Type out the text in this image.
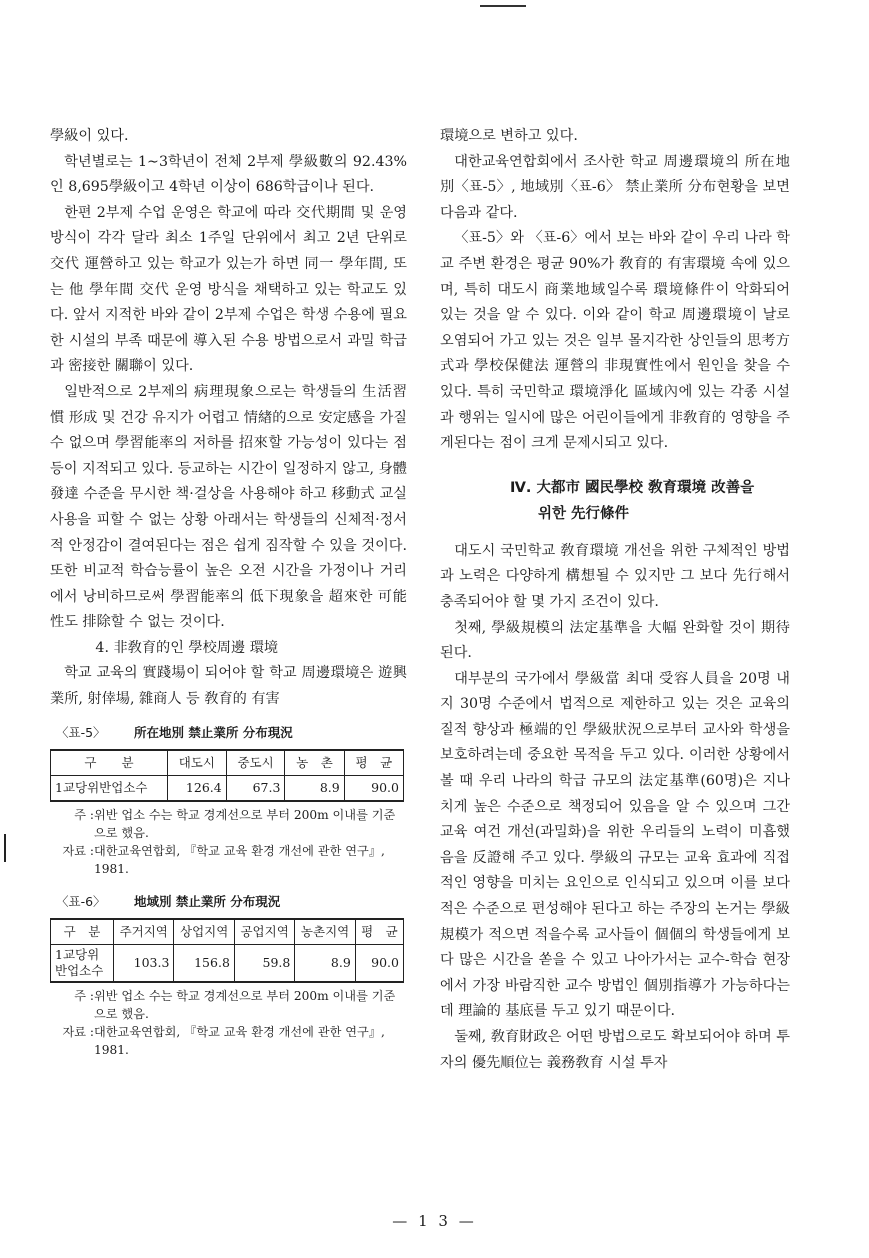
學級이 있다.

학년별로는 1∼3학년이 전체 2부제 學級數의 92.43%인 8,695學級이고 4학년 이상이 686학급이나 된다.

한편 2부제 수업 운영은 학교에 따라 交代期間 및 운영 방식이 각각 달라 최소 1주일 단위에서 최고 2년 단위로 交代 運營하고 있는 학교가 있는가 하면 同一 學年間, 또는 他 學年間 交代 운영 방식을 채택하고 있는 학교도 있다. 앞서 지적한 바와 같이 2부제 수업은 학생 수용에 필요한 시설의 부족 때문에 導入된 수용 방법으로서 과밀 학급과 密接한 關聯이 있다.

일반적으로 2부제의 病理現象으로는 학생들의 生活習慣 形成 및 건강 유지가 어렵고 情緖的으로 安定感을 가질 수 없으며 學習能率의 저하를 招來할 가능성이 있다는 점 등이 지적되고 있다. 등교하는 시간이 일정하지 않고, 身體發達 수준을 무시한 책·걸상을 사용해야 하고 移動式 교실 사용을 피할 수 없는 상황 아래서는 학생들의 신체적·정서적 안정감이 결여된다는 점은 쉽게 짐작할 수 있을 것이다. 또한 비교적 학습능률이 높은 오전 시간을 가정이나 거리에서 낭비하므로써 學習能率의 低下現象을 超來한 可能性도 排除할 수 없는 것이다.

4. 非敎育的인 學校周邊 環境

학교 교육의 實踐場이 되어야 할 학교 周邊環境은 遊興業所, 射倖場, 雜商人 등 敎育的 有害

〈표-5〉	所在地別 禁止業所 分布現況
구　　분	대도시	중도시	농　촌	평　균
1교당위반업소수	126.4	67.3	8.9	90.0
주 : 위반 업소 수는 학교 경계선으로 부터 200m 이내를 기준으로 했음.
자료 : 대한교육연합회, 『학교 교육 환경 개선에 관한 연구』, 1981.
〈표-6〉	地域別 禁止業所 分布現況
구　분	주거지역	상업지역	공업지역	농촌지역	평　균
1교당위반업소수	103.3	156.8	59.8	8.9	90.0
주 : 위반 업소 수는 학교 경계선으로 부터 200m 이내를 기준으로 했음.
자료 : 대한교육연합회, 『학교 교육 환경 개선에 관한 연구』, 1981.

環境으로 변하고 있다.

대한교육연합회에서 조사한 학교 周邊環境의 所在地別〈표-5〉, 地域別〈표-6〉 禁止業所 分布현황을 보면 다음과 같다.

〈표-5〉와 〈표-6〉에서 보는 바와 같이 우리 나라 학교 주변 환경은 평균 90%가 敎育的 有害環境 속에 있으며, 특히 대도시 商業地域일수록 環境條件이 악화되어 있는 것을 알 수 있다. 이와 같이 학교 周邊環境이 날로 오염되어 가고 있는 것은 일부 몰지각한 상인들의 思考方式과 學校保健法 運營의 非現實性에서 원인을 찾을 수 있다. 특히 국민학교 環境淨化 區域內에 있는 각종 시설과 행위는 일시에 많은 어린이들에게 非敎育的 영향을 주게된다는 점이 크게 문제시되고 있다.

Ⅳ. 大都市 國民學校 敎育環境 改善을
위한 先行條件

대도시 국민학교 敎育環境 개선을 위한 구체적인 방법과 노력은 다양하게 構想될 수 있지만 그 보다 先行해서 충족되어야 할 몇 가지 조건이 있다.

첫째, 學級規模의 法定基準을 大幅 완화할 것이 期待된다.

대부분의 국가에서 學級當 최대 受容人員을 20명 내지 30명 수준에서 법적으로 제한하고 있는 것은 교육의 질적 향상과 極端的인 學級狀況으로부터 교사와 학생을 보호하려는데 중요한 목적을 두고 있다. 이러한 상황에서 볼 때 우리 나라의 학급 규모의 法定基準(60명)은 지나치게 높은 수준으로 책정되어 있음을 알 수 있으며 그간 교육 여건 개선(과밀화)을 위한 우리들의 노력이 미흡했음을 反證해 주고 있다. 學級의 규모는 교육 효과에 직접적인 영향을 미치는 요인으로 인식되고 있으며 이를 보다 적은 수준으로 편성해야 된다고 하는 주장의 논거는 學級規模가 적으면 적을수록 교사들이 個個의 학생들에게 보다 많은 시간을 쏟을 수 있고 나아가서는 교수-학습 현장에서 가장 바람직한 교수 방법인 個別指導가 가능하다는 데 理論的 基底를 두고 있기 때문이다.

둘째, 敎育財政은 어떤 방법으로도 확보되어야 하며 투자의 優先順位는 義務敎育 시설 투자

— 1 3 —
